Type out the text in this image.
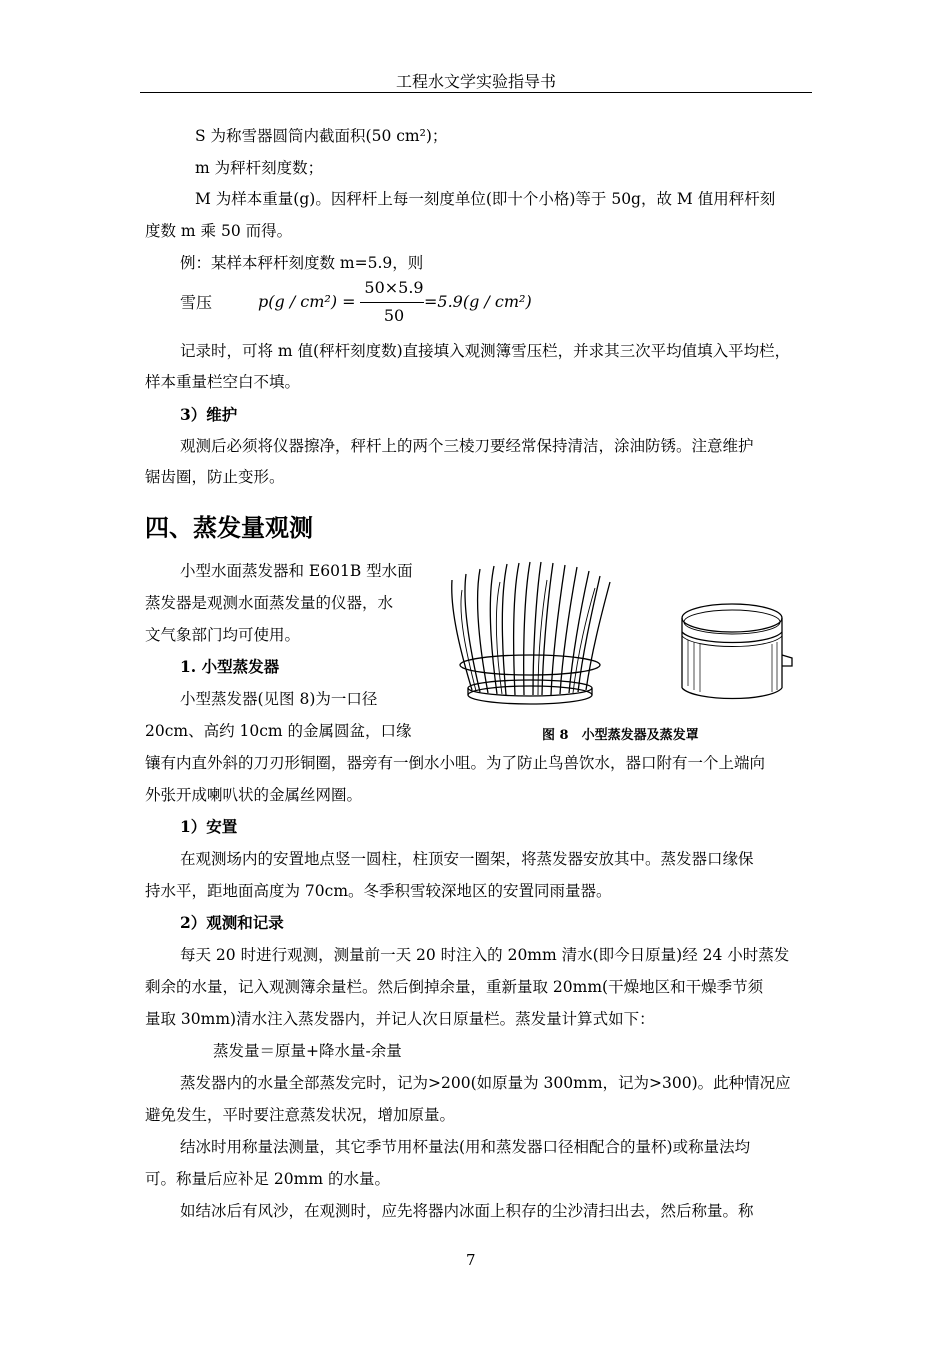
工程水文学实验指导书
S 为称雪器圆筒内截面积(50 cm²)；
m 为秤杆刻度数；
M 为样本重量(g)。因秤杆上每一刻度单位(即十个小格)等于 50g，故 M 值用秤杆刻
度数 m 乘 50 而得。
例：某样本秤杆刻度数 m=5.9，则
雪压	p(g / cm²) =
50×5.9
50
=5.9(g / cm²)
记录时，可将 m 值(秤杆刻度数)直接填入观测簿雪压栏，并求其三次平均值填入平均栏，
样本重量栏空白不填。
3）维护
观测后必须将仪器擦净，秤杆上的两个三棱刀要经常保持清洁，涂油防锈。注意维护
锯齿圈，防止变形。
四、蒸发量观测
小型水面蒸发器和 E601B 型水面
蒸发器是观测水面蒸发量的仪器，水
文气象部门均可使用。
1. 小型蒸发器
小型蒸发器(见图 8)为一口径
20cm、高约 10cm 的金属圆盆，口缘	图 8　小型蒸发器及蒸发罩
镶有内直外斜的刀刃形铜圈，器旁有一倒水小咀。为了防止鸟兽饮水，器口附有一个上端向
外张开成喇叭状的金属丝网圈。
1）安置
在观测场内的安置地点竖一圆柱，柱顶安一圈架，将蒸发器安放其中。蒸发器口缘保
持水平，距地面高度为 70cm。冬季积雪较深地区的安置同雨量器。
2）观测和记录
每天 20 时进行观测，测量前一天 20 时注入的 20mm 清水(即今日原量)经 24 小时蒸发
剩余的水量，记入观测簿余量栏。然后倒掉余量，重新量取 20mm(干燥地区和干燥季节须
量取 30mm)清水注入蒸发器内，并记人次日原量栏。蒸发量计算式如下：
蒸发量＝原量+降水量-余量
蒸发器内的水量全部蒸发完时，记为>200(如原量为 300mm，记为>300)。此种情况应
避免发生，平时要注意蒸发状况，增加原量。
结冰时用称量法测量，其它季节用杯量法(用和蒸发器口径相配合的量杯)或称量法均
可。称量后应补足 20mm 的水量。
如结冰后有风沙，在观测时，应先将器内冰面上积存的尘沙清扫出去，然后称量。称
7
